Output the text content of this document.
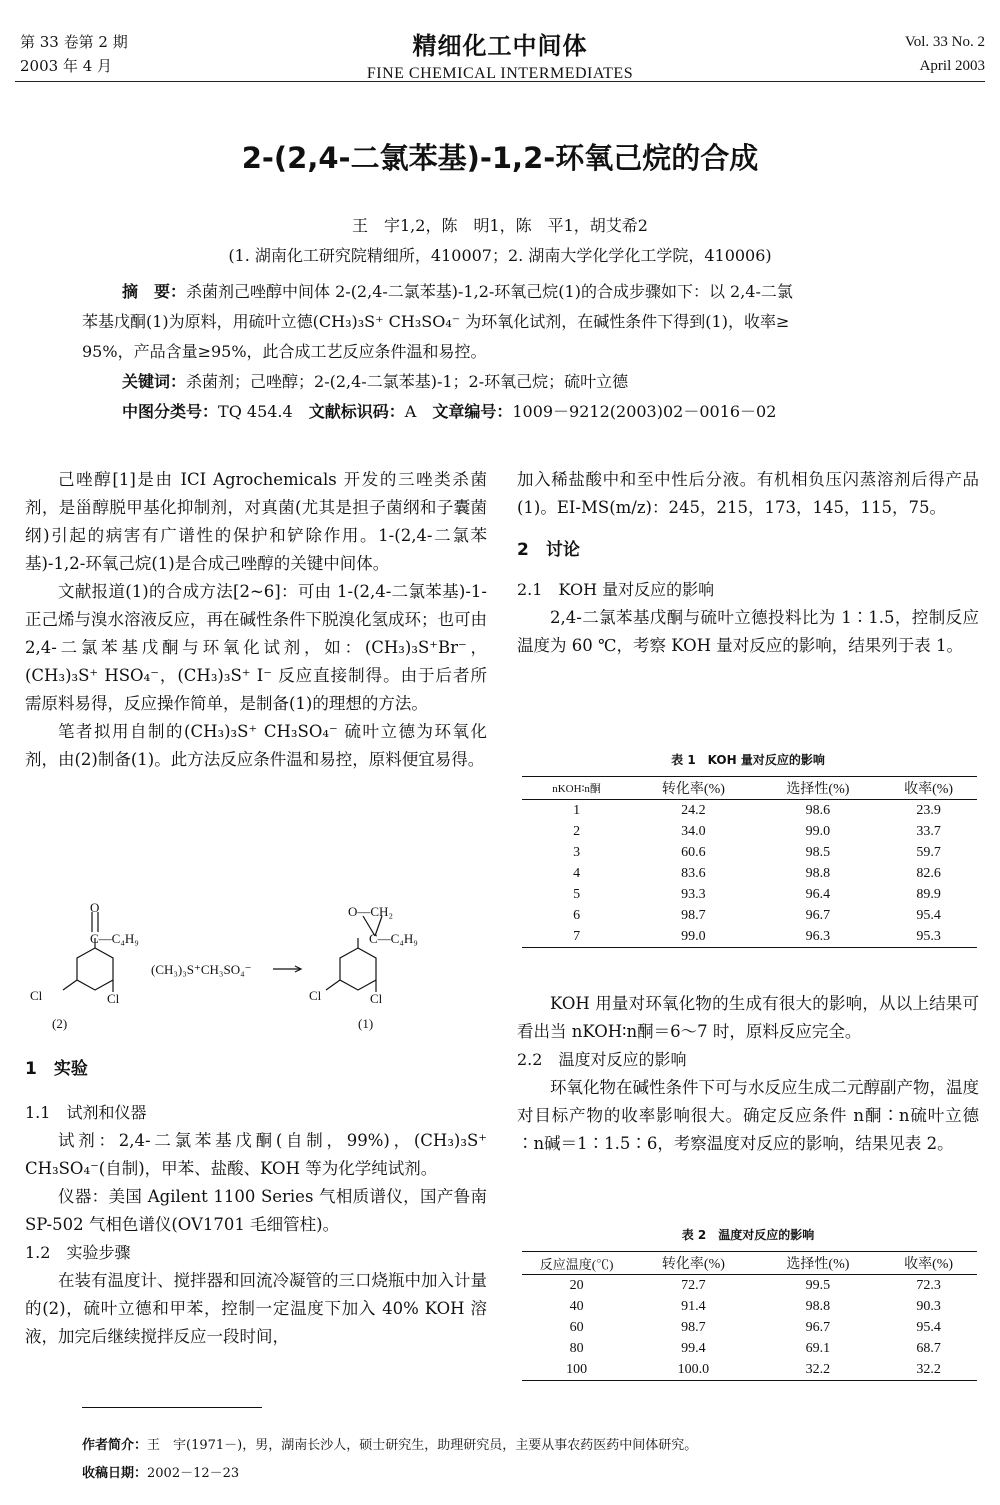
第 33 卷第 2 期
2003 年 4 月
精细化工中间体
FINE CHEMICAL INTERMEDIATES
Vol. 33 No. 2
April 2003
2-(2,4-二氯苯基)-1,2-环氧己烷的合成
王　宇1,2，陈　明1，陈　平1，胡艾希2
(1. 湖南化工研究院精细所，410007；2. 湖南大学化学化工学院，410006)
摘　要：杀菌剂己唑醇中间体 2-(2,4-二氯苯基)-1,2-环氧己烷(1)的合成步骤如下：以 2,4-二氯
苯基戊酮(1)为原料，用硫叶立德(CH₃)₃S⁺ CH₃SO₄⁻ 为环氧化试剂，在碱性条件下得到(1)，收率≥
95%，产品含量≥95%，此合成工艺反应条件温和易控。
关键词：杀菌剂；己唑醇；2-(2,4-二氯苯基)-1；2-环氧己烷；硫叶立德
中图分类号：TQ 454.4　 文献标识码：A　 文章编号：1009－9212(2003)02－0016－02

己唑醇[1]是由 ICI Agrochemicals 开发的三唑类杀菌剂，是甾醇脱甲基化抑制剂，对真菌(尤其是担子菌纲和子囊菌纲)引起的病害有广谱性的保护和铲除作用。1-(2,4-二氯苯基)-1,2-环氧己烷(1)是合成己唑醇的关键中间体。

文献报道(1)的合成方法[2~6]：可由 1-(2,4-二氯苯基)-1-正己烯与溴水溶液反应，再在碱性条件下脱溴化氢成环；也可由 2,4-二氯苯基戊酮与环氧化试剂，如：(CH₃)₃S⁺Br⁻，(CH₃)₃S⁺ HSO₄⁻，(CH₃)₃S⁺ I⁻ 反应直接制得。由于后者所需原料易得，反应操作简单，是制备(1)的理想的方法。

笔者拟用自制的(CH₃)₃S⁺ CH₃SO₄⁻ 硫叶立德为环氧化剂，由(2)制备(1)。此方法反应条件温和易控，原料便宜易得。

O
C—C₄H₉
Cl	Cl
(CH₃)₃S⁺CH₃SO₄⁻
O—CH₂
C—C₄H₉
Cl	Cl
(2)	(1)
1　实验
1.1　试剂和仪器

试剂：2,4-二氯苯基戊酮(自制，99%)，(CH₃)₃S⁺ CH₃SO₄⁻(自制)，甲苯、盐酸、KOH 等为化学纯试剂。

仪器：美国 Agilent 1100 Series 气相质谱仪，国产鲁南 SP-502 气相色谱仪(OV1701 毛细管柱)。

1.2　实验步骤

在装有温度计、搅拌器和回流冷凝管的三口烧瓶中加入计量的(2)，硫叶立德和甲苯，控制一定温度下加入 40% KOH 溶液，加完后继续搅拌反应一段时间，

加入稀盐酸中和至中性后分液。有机相负压闪蒸溶剂后得产品(1)。EI-MS(m/z)：245，215，173，145，115，75。

2　讨论
2.1　KOH 量对反应的影响

2,4-二氯苯基戊酮与硫叶立德投料比为 1∶1.5，控制反应温度为 60 ℃，考察 KOH 量对反应的影响，结果列于表 1。

表 1　KOH 量对反应的影响
nKOH∶n酮	转化率(%)	选择性(%)	收率(%)
1	24.2	98.6	23.9
2	34.0	99.0	33.7
3	60.6	98.5	59.7
4	83.6	98.8	82.6
5	93.3	96.4	89.9
6	98.7	96.7	95.4
7	99.0	96.3	95.3

KOH 用量对环氧化物的生成有很大的影响，从以上结果可看出当 nKOH∶n酮＝6～7 时，原料反应完全。

2.2　温度对反应的影响

环氧化物在碱性条件下可与水反应生成二元醇副产物，温度对目标产物的收率影响很大。确定反应条件 n酮∶n硫叶立德∶n碱＝1∶1.5∶6，考察温度对反应的影响，结果见表 2。

表 2　温度对反应的影响
反应温度(℃)	转化率(%)	选择性(%)	收率(%)
20	72.7	99.5	72.3
40	91.4	98.8	90.3
60	98.7	96.7	95.4
80	99.4	69.1	68.7
100	100.0	32.2	32.2
作者简介：王　宇(1971－)，男，湖南长沙人，硕士研究生，助理研究员，主要从事农药医药中间体研究。
收稿日期：2002－12－23
